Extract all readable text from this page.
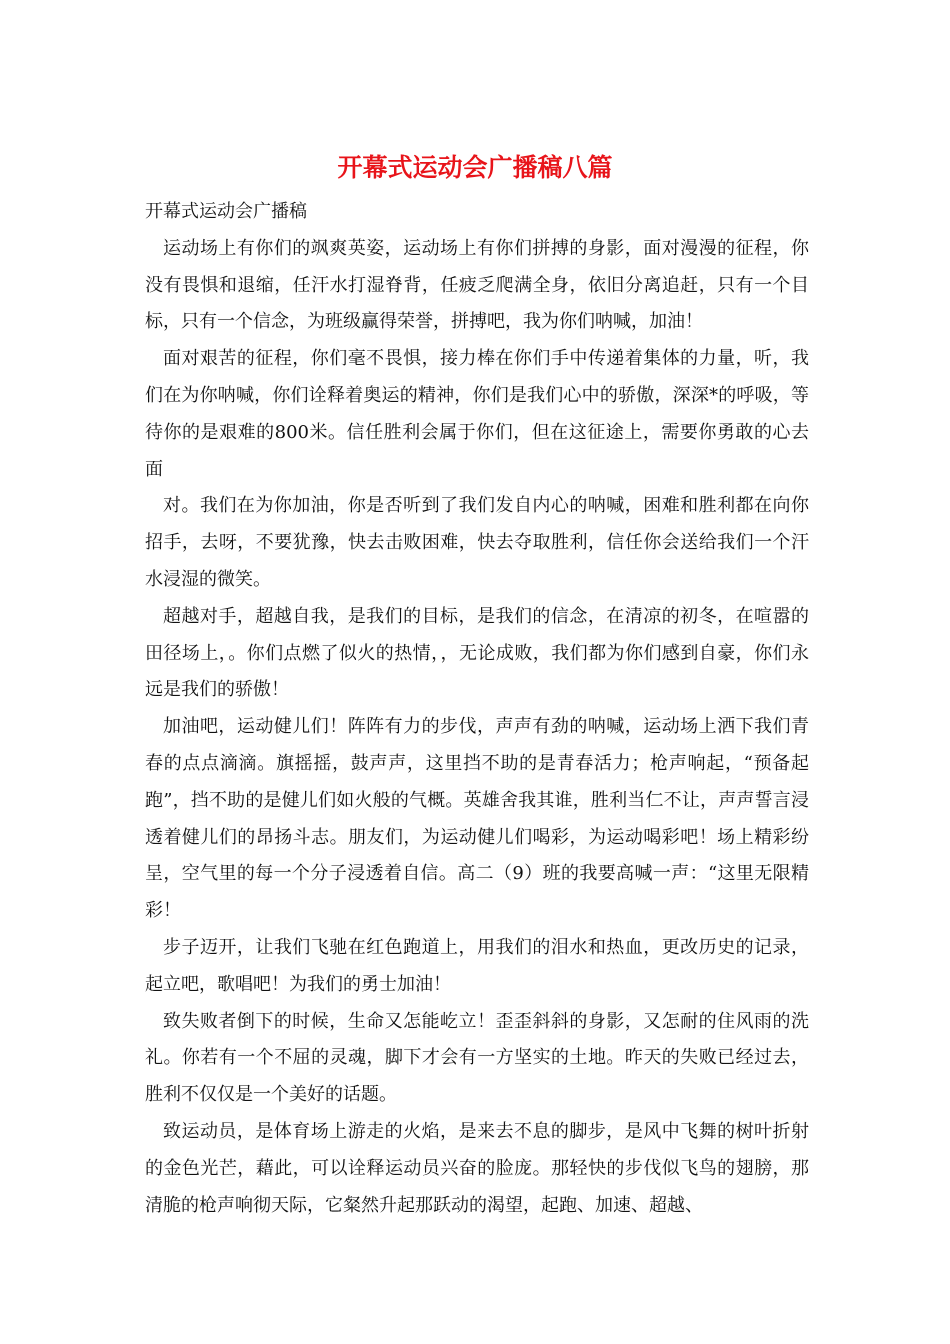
开幕式运动会广播稿八篇

开幕式运动会广播稿

运动场上有你们的飒爽英姿，运动场上有你们拼搏的身影，面对漫漫的征程，你没有畏惧和退缩，任汗水打湿脊背，任疲乏爬满全身，依旧分离追赶，只有一个目标，只有一个信念，为班级赢得荣誉，拼搏吧，我为你们呐喊，加油！

面对艰苦的征程，你们毫不畏惧，接力棒在你们手中传递着集体的力量，听，我们在为你呐喊，你们诠释着奥运的精神，你们是我们心中的骄傲，深深*的呼吸，等待你的是艰难的800米。信任胜利会属于你们，但在这征途上，需要你勇敢的心去面

对。我们在为你加油，你是否听到了我们发自内心的呐喊，困难和胜利都在向你招手，去呀，不要犹豫，快去击败困难，快去夺取胜利，信任你会送给我们一个汗水浸湿的微笑。

超越对手，超越自我，是我们的目标，是我们的信念，在清凉的初冬，在喧嚣的田径场上，。你们点燃了似火的热情，，无论成败，我们都为你们感到自豪，你们永远是我们的骄傲！

加油吧，运动健儿们！阵阵有力的步伐，声声有劲的呐喊，运动场上洒下我们青春的点点滴滴。旗摇摇，鼓声声，这里挡不助的是青春活力；枪声响起，“预备起跑”，挡不助的是健儿们如火般的气概。英雄舍我其谁，胜利当仁不让，声声誓言浸透着健儿们的昂扬斗志。朋友们，为运动健儿们喝彩，为运动喝彩吧！场上精彩纷呈，空气里的每一个分子浸透着自信。高二（9）班的我要高喊一声：“这里无限精彩！

步子迈开，让我们飞驰在红色跑道上，用我们的泪水和热血，更改历史的记录，起立吧，歌唱吧！为我们的勇士加油！

致失败者倒下的时候，生命又怎能屹立！歪歪斜斜的身影，又怎耐的住风雨的洗礼。你若有一个不屈的灵魂，脚下才会有一方坚实的土地。昨天的失败已经过去，胜利不仅仅是一个美好的话题。

致运动员，是体育场上游走的火焰，是来去不息的脚步，是风中飞舞的树叶折射的金色光芒，藉此，可以诠释运动员兴奋的脸庞。那轻快的步伐似飞鸟的翅膀，那清脆的枪声响彻天际，它粲然升起那跃动的渴望，起跑、加速、超越、
